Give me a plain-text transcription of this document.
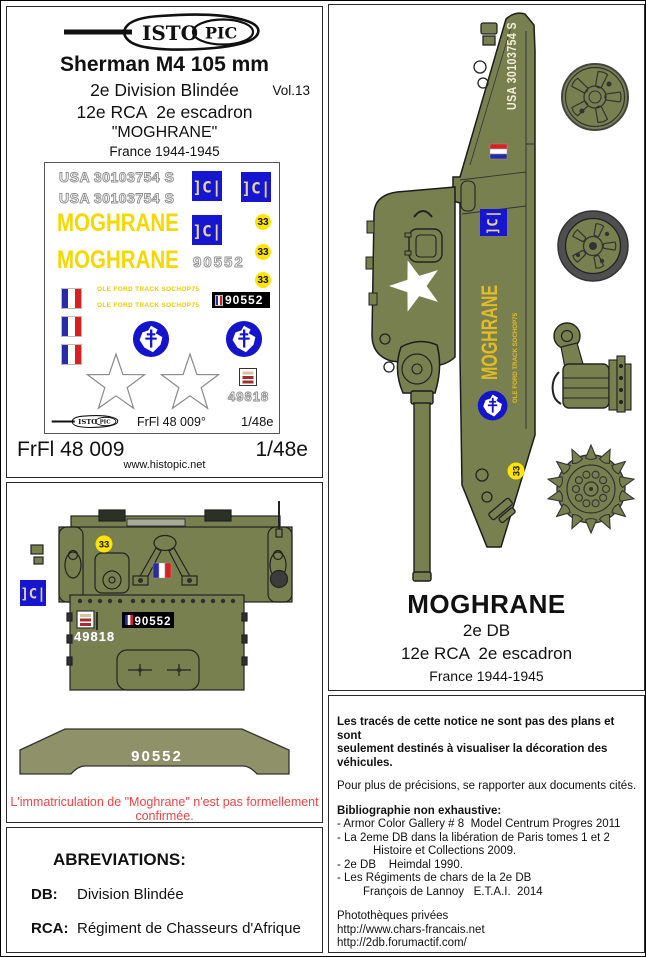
ISTO PIC
Sherman M4 105 mm
2e Division Blindée	Vol.13
12e RCA  2e escadron
"MOGHRANE"
France 1944-1945
USA 30103754 S
USA 30103754 S
]C| ]C|
]C|
MOGHRANE
MOGHRANE
33
33
33
90552
OLE FORD TRACK SOCHOP75
OLE FORD TRACK SOCHOP75 90552
49818
ISTO PIC FrFl 48 009°	1/48e
FrFl 48 009	1/48e
www.histopic.net
33
]C|
49818
90552
90552
L'immatriculation de "Moghrane" n'est pas formellement confirmée.
ABREVIATIONS:
DB: Division Blindée
RCA: Régiment de Chasseurs d'Afrique
USA 30103754 S
]C|
MOGHRANE OLE FORD TRACK SOCHOP75
33
MOGHRANE
2e DB
12e RCA  2e escadron
France 1944-1945
Les tracés de cette notice ne sont pas des plans et sont
seulement destinés à visualiser la décoration des véhicules.
Pour plus de précisions, se rapporter aux documents cités.
Bibliographie non exhaustive:
- Armor Color Gallery # 8  Model Centrum Progres 2011
- La 2eme DB dans la libération de Paris tomes 1 et 2
Histoire et Collections 2009.
- 2e DB    Heimdal 1990.
- Les Régiments de chars de la 2e DB
François de Lannoy   E.T.A.I.  2014
Photothèques privées
http://www.chars-francais.net
http://2db.forumactif.com/
